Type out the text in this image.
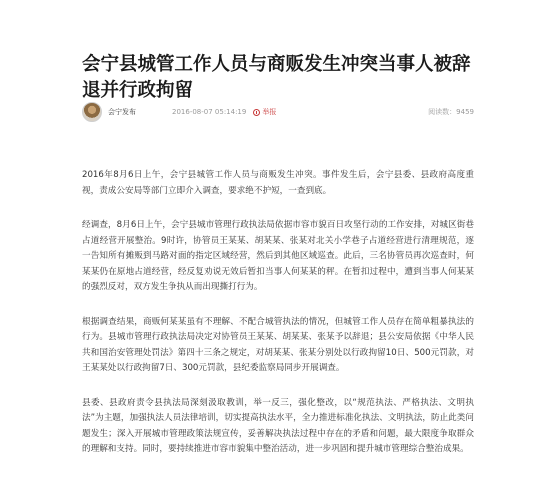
会宁县城管工作人员与商贩发生冲突当事人被辞退并行政拘留
会宁发布	2016-08-07 05:14:19 举报	阅读数：9459

2016年8月6日上午，会宁县城管工作人员与商贩发生冲突。事件发生后，会宁县委、县政府高度重视，责成公安局等部门立即介入调查，要求绝不护短，一查到底。

经调查，8月6日上午，会宁县城市管理行政执法局依据市容市貌百日攻坚行动的工作安排，对城区街巷占道经营开展整治。9时许，协管员王某某、胡某某、张某对北关小学巷子占道经营进行清理规范，逐一告知所有摊贩到马路对面的指定区域经营，然后到其他区域巡查。此后，三名协管员再次巡查时，何某某仍在原地占道经营，经反复劝说无效后暂扣当事人何某某的秤。在暂扣过程中，遭到当事人何某某的强烈反对，双方发生争执从而出现撕打行为。

根据调查结果，商贩何某某虽有不理解、不配合城管执法的情况，但城管工作人员存在简单粗暴执法的行为。县城市管理行政执法局决定对协管员王某某、胡某某、张某予以辞退；县公安局依据《中华人民共和国治安管理处罚法》第四十三条之规定，对胡某某、张某分别处以行政拘留10日、500元罚款，对王某某处以行政拘留7日、300元罚款，县纪委监察局同步开展调查。

县委、县政府责令县执法局深刻汲取教训，举一反三，强化整改，以“规范执法、严格执法、文明执法”为主题，加强执法人员法律培训，切实提高执法水平，全力推进标准化执法、文明执法，防止此类问题发生；深入开展城市管理政策法规宣传，妥善解决执法过程中存在的矛盾和问题，最大限度争取群众的理解和支持。同时，要持续推进市容市貌集中整治活动，进一步巩固和提升城市管理综合整治成果。
